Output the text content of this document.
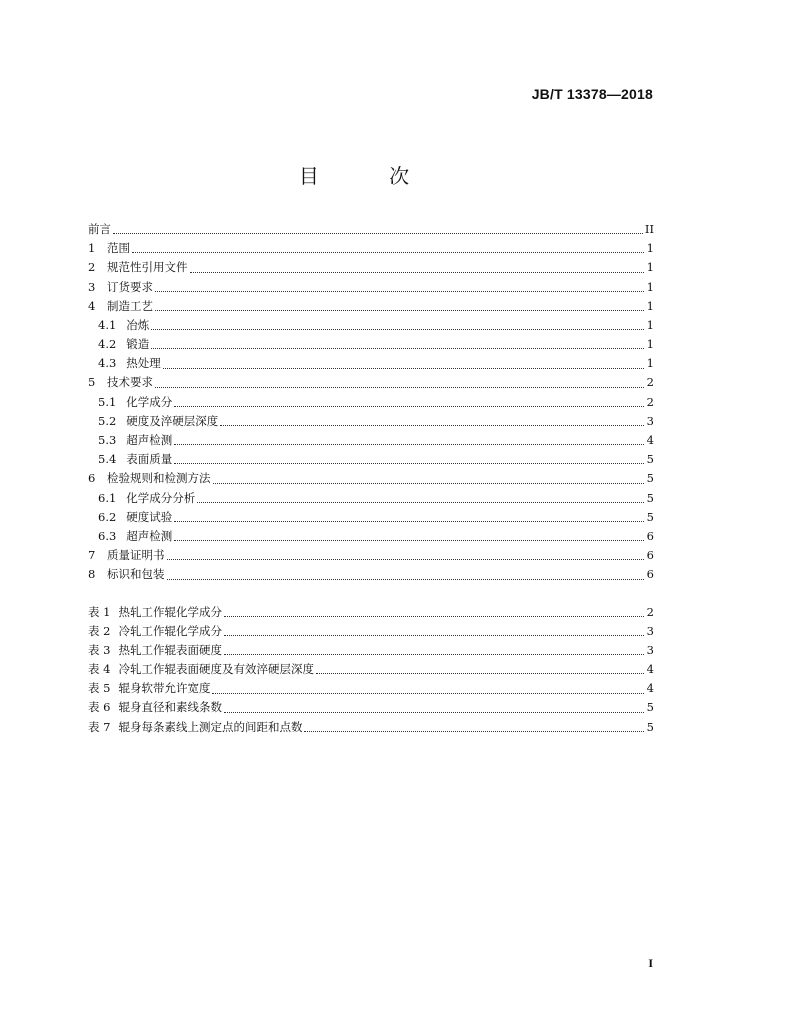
JB/T 13378—2018
目 次
前言	II
1 范围	1
2 规范性引用文件	1
3 订货要求	1
4 制造工艺	1
4.1 冶炼	1
4.2 锻造	1
4.3 热处理	1
5 技术要求	2
5.1 化学成分	2
5.2 硬度及淬硬层深度	3
5.3 超声检测	4
5.4 表面质量	5
6 检验规则和检测方法	5
6.1 化学成分分析	5
6.2 硬度试验	5
6.3 超声检测	6
7 质量证明书	6
8 标识和包装	6
表 1 热轧工作辊化学成分	2
表 2 冷轧工作辊化学成分	3
表 3 热轧工作辊表面硬度	3
表 4 冷轧工作辊表面硬度及有效淬硬层深度	4
表 5 辊身软带允许宽度	4
表 6 辊身直径和素线条数	5
表 7 辊身每条素线上测定点的间距和点数	5
I
